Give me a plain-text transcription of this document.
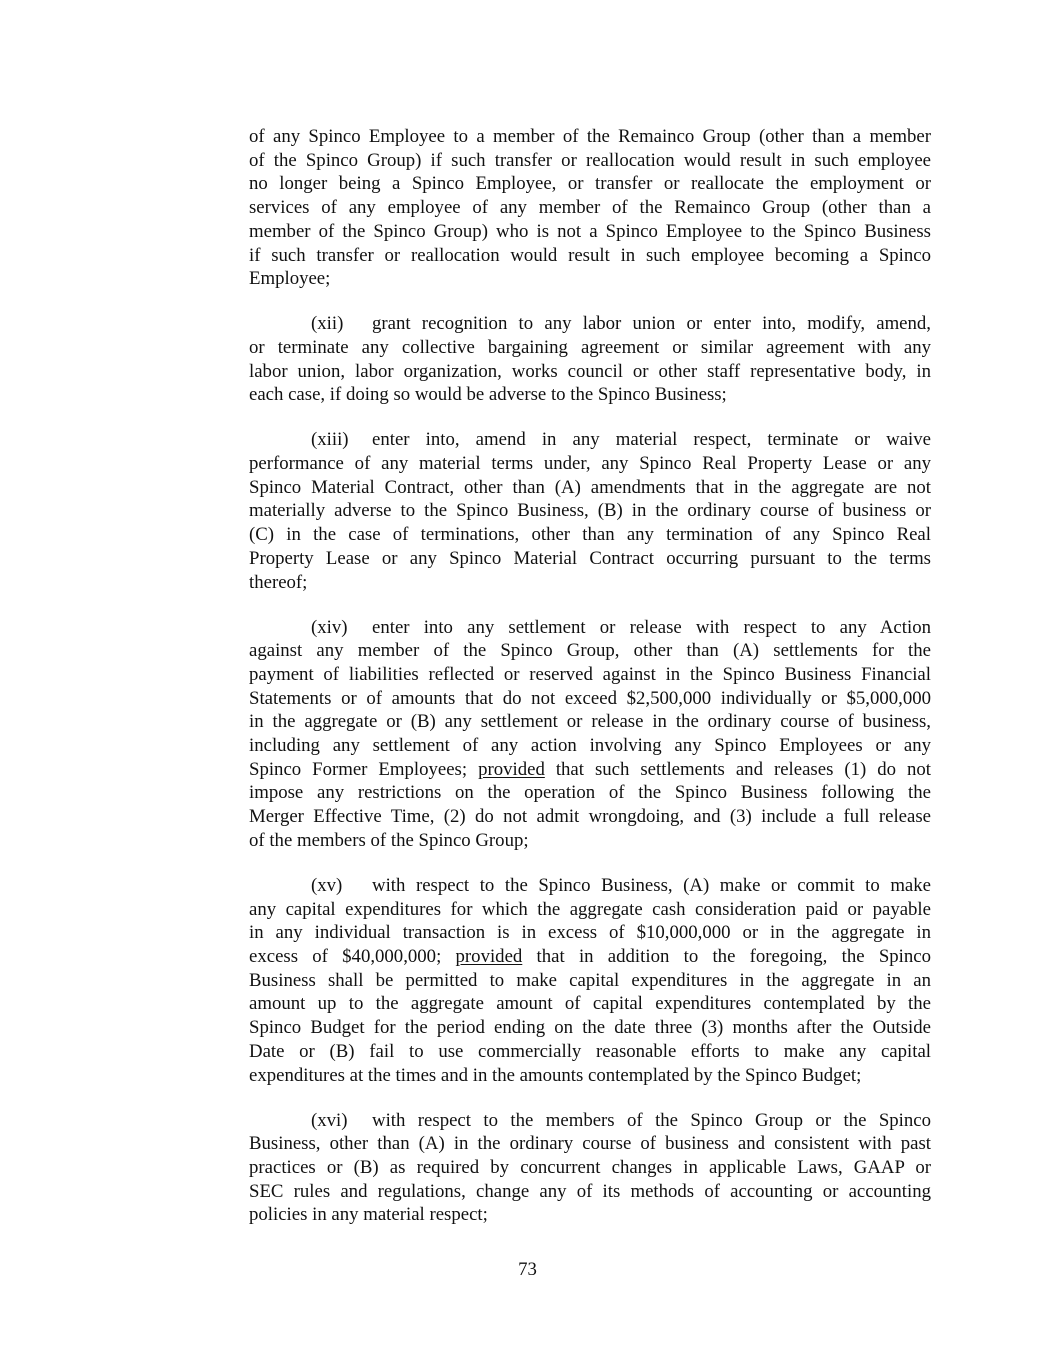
of any Spinco Employee to a member of the Remainco Group (other than a member
of the Spinco Group) if such transfer or reallocation would result in such employee
no longer being a Spinco Employee, or transfer or reallocate the employment or
services of any employee of any member of the Remainco Group (other than a
member of the Spinco Group) who is not a Spinco Employee to the Spinco Business
if such transfer or reallocation would result in such employee becoming a Spinco
Employee;
(xii) grant recognition to any labor union or enter into, modify, amend,
or terminate any collective bargaining agreement or similar agreement with any
labor union, labor organization, works council or other staff representative body, in
each case, if doing so would be adverse to the Spinco Business;
(xiii) enter into, amend in any material respect, terminate or waive
performance of any material terms under, any Spinco Real Property Lease or any
Spinco Material Contract, other than (A) amendments that in the aggregate are not
materially adverse to the Spinco Business, (B) in the ordinary course of business or
(C) in the case of terminations, other than any termination of any Spinco Real
Property Lease or any Spinco Material Contract occurring pursuant to the terms
thereof;
(xiv) enter into any settlement or release with respect to any Action
against any member of the Spinco Group, other than (A) settlements for the
payment of liabilities reflected or reserved against in the Spinco Business Financial
Statements or of amounts that do not exceed $2,500,000 individually or $5,000,000
in the aggregate or (B) any settlement or release in the ordinary course of business,
including any settlement of any action involving any Spinco Employees or any
Spinco Former Employees; provided that such settlements and releases (1) do not
impose any restrictions on the operation of the Spinco Business following the
Merger Effective Time, (2) do not admit wrongdoing, and (3) include a full release
of the members of the Spinco Group;
(xv) with respect to the Spinco Business, (A) make or commit to make
any capital expenditures for which the aggregate cash consideration paid or payable
in any individual transaction is in excess of $10,000,000 or in the aggregate in
excess of $40,000,000; provided that in addition to the foregoing, the Spinco
Business shall be permitted to make capital expenditures in the aggregate in an
amount up to the aggregate amount of capital expenditures contemplated by the
Spinco Budget for the period ending on the date three (3) months after the Outside
Date or (B) fail to use commercially reasonable efforts to make any capital
expenditures at the times and in the amounts contemplated by the Spinco Budget;
(xvi) with respect to the members of the Spinco Group or the Spinco
Business, other than (A) in the ordinary course of business and consistent with past
practices or (B) as required by concurrent changes in applicable Laws, GAAP or
SEC rules and regulations, change any of its methods of accounting or accounting
policies in any material respect;
73
